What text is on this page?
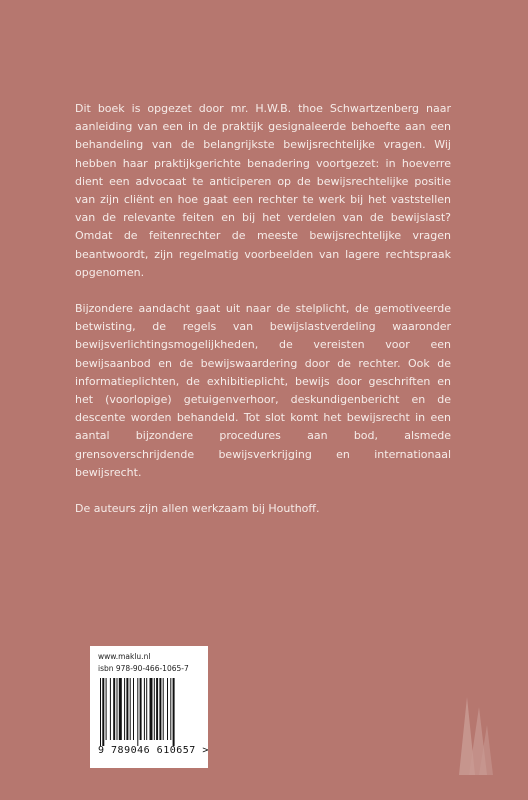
Dit boek is opgezet door mr. H.W.B. thoe Schwartzenberg naar aanleiding van een in de praktijk gesignaleerde behoefte aan een behandeling van de belangrijkste bewijsrechtelijke vragen. Wij hebben haar praktijkgerichte benadering voortgezet: in hoeverre dient een advocaat te anticiperen op de bewijsrechtelijke positie van zijn cliënt en hoe gaat een rechter te werk bij het vaststellen van de relevante feiten en bij het verdelen van de bewijslast? Omdat de feitenrechter de meeste bewijsrechtelijke vragen beantwoordt, zijn regelmatig voorbeelden van lagere rechtspraak opgenomen.

Bijzondere aandacht gaat uit naar de stelplicht, de gemotiveerde betwisting, de regels van bewijslastverdeling waaronder bewijsverlichtingsmogelijkheden, de vereisten voor een bewijsaanbod en de bewijswaardering door de rechter. Ook de informatieplichten, de exhibitieplicht, bewijs door geschriften en het (voorlopige) getuigenverhoor, deskundigenbericht en de descente worden behandeld. Tot slot komt het bewijsrecht in een aantal bijzondere procedures aan bod, alsmede grensoverschrijdende bewijsverkrijging en internationaal bewijsrecht.

De auteurs zijn allen werkzaam bij Houthoff.

www.maklu.nl
isbn 978-90-466-1065-7
9 789046 610657 >
